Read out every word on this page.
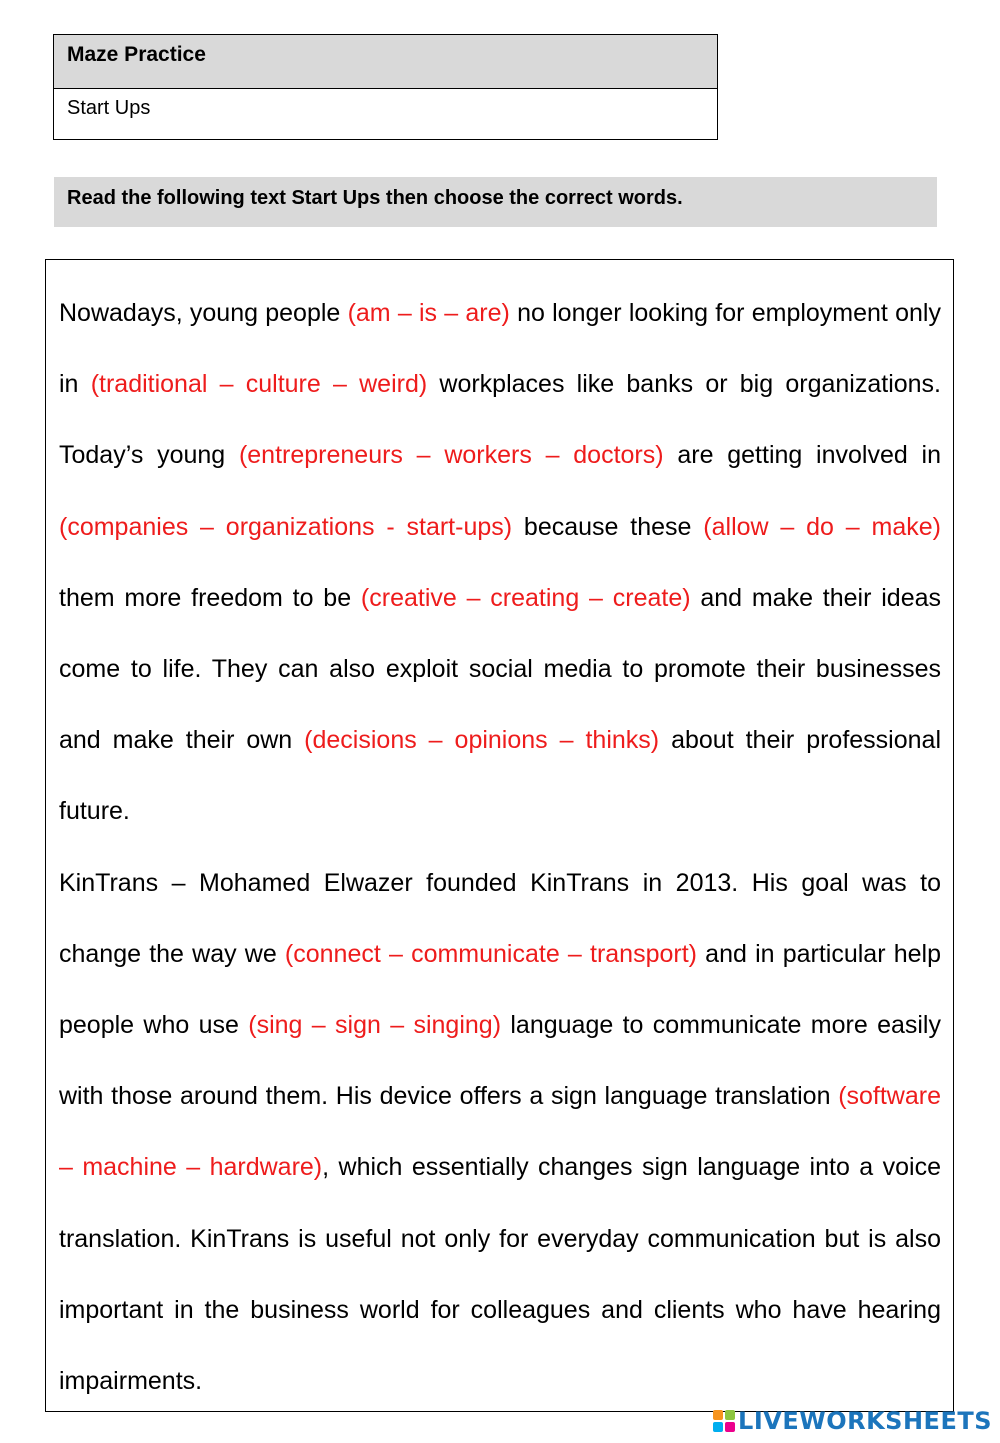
Maze Practice
Start Ups
Read the following text Start Ups then choose the correct words.

Nowadays, young people (am – is – are) no longer looking for employment only in (traditional – culture – weird) workplaces like banks or big organizations. Today’s young (entrepreneurs – workers – doctors) are getting involved in (companies – organizations - start-ups) because these (allow – do – make) them more freedom to be (creative – creating – create) and make their ideas come to life. They can also exploit social media to promote their businesses and make their own (decisions – opinions – thinks) about their professional future.

KinTrans – Mohamed Elwazer founded KinTrans in 2013. His goal was to change the way we (connect – communicate – transport) and in particular help people who use (sing – sign – singing) language to communicate more easily with those around them. His device offers a sign language translation (software – machine – hardware), which essentially changes sign language into a voice translation. KinTrans is useful not only for everyday communication but is also important in the business world for colleagues and clients who have hearing impairments.

LIVEWORKSHEETS
